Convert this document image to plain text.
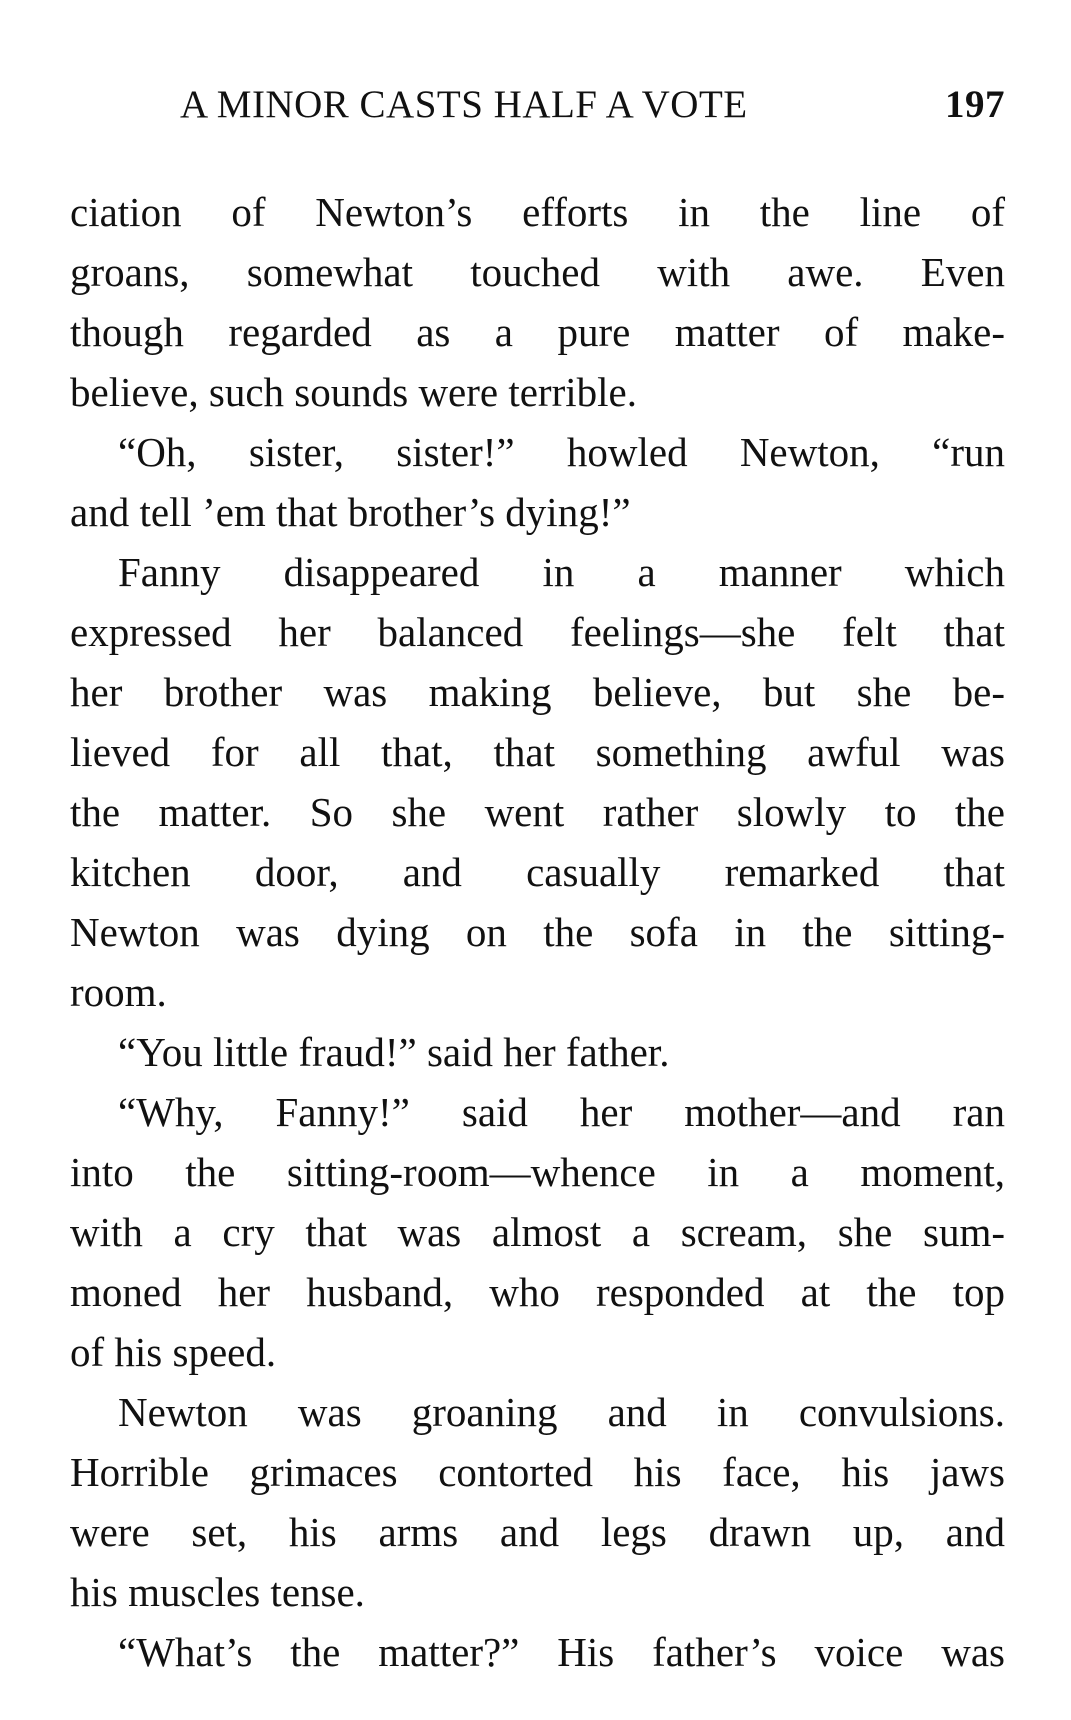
A MINOR CASTS HALF A VOTE	197
ciation of Newton’s efforts in the line of
groans, somewhat touched with awe. Even
though regarded as a pure matter of make-
believe, such sounds were terrible.
“Oh, sister, sister!” howled Newton, “run
and tell ’em that brother’s dying!”
Fanny disappeared in a manner which
expressed her balanced feelings—she felt that
her brother was making believe, but she be-
lieved for all that, that something awful was
the matter. So she went rather slowly to the
kitchen door, and casually remarked that
Newton was dying on the sofa in the sitting-
room.
“You little fraud!” said her father.
“Why, Fanny!” said her mother—and ran
into the sitting-room—whence in a moment,
with a cry that was almost a scream, she sum-
moned her husband, who responded at the top
of his speed.
Newton was groaning and in convulsions.
Horrible grimaces contorted his face, his jaws
were set, his arms and legs drawn up, and
his muscles tense.
“What’s the matter?” His father’s voice was
